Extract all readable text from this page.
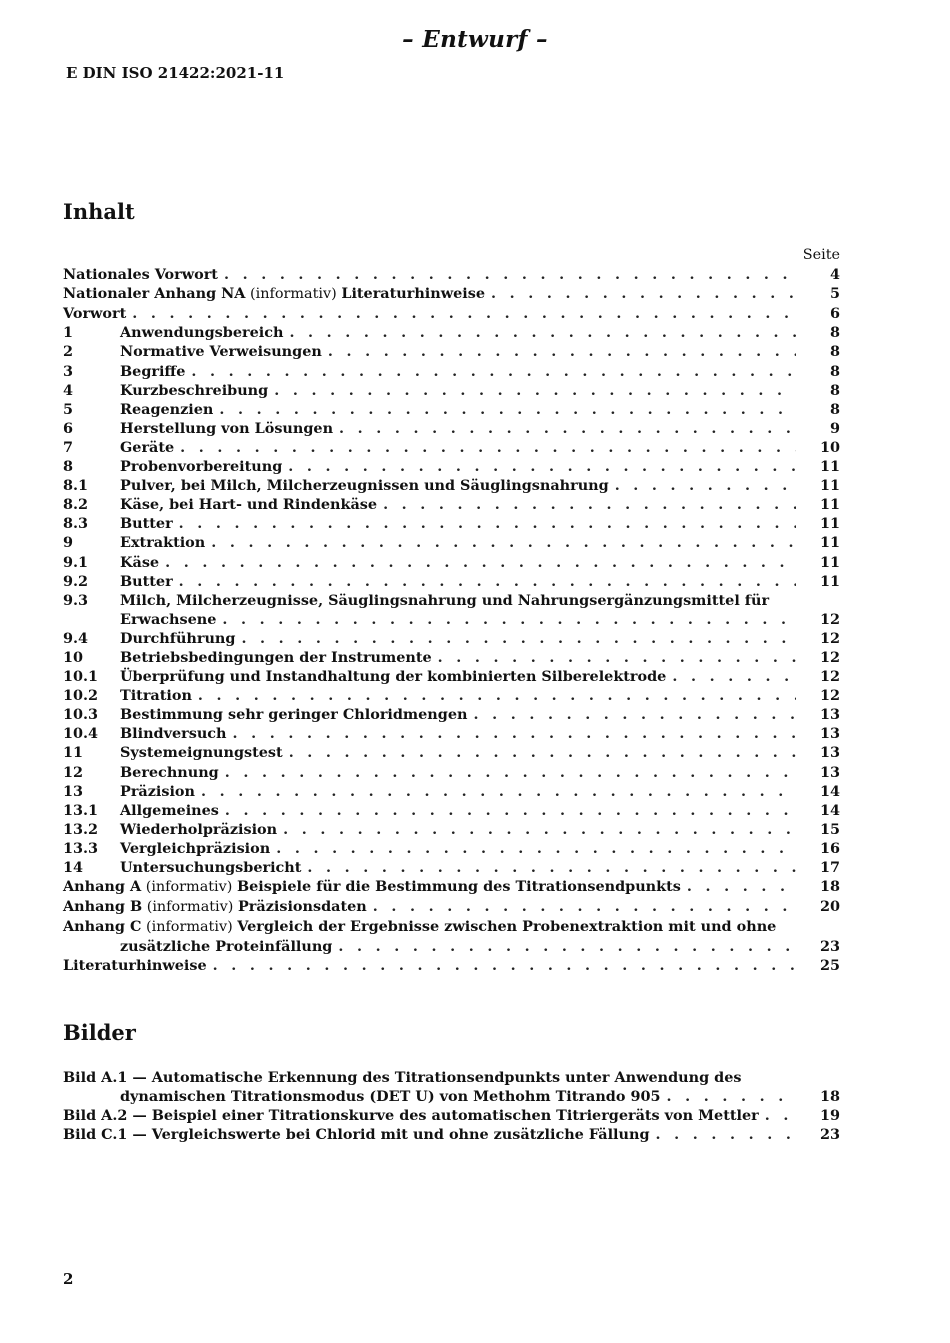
– Entwurf –
E DIN ISO 21422:2021-11
Inhalt
Seite
Nationales Vorwort . . .	4
Nationaler Anhang NA (informativ) Literaturhinweise . . .	5
Vorwort . . .	6
1	Anwendungsbereich . . .	8
2	Normative Verweisungen . . .	8
3	Begriffe . . .	8
4	Kurzbeschreibung . . .	8
5	Reagenzien . . .	8
6	Herstellung von Lösungen . . .	9
7	Geräte . . .	10
8	Probenvorbereitung . . .	11
8.1	Pulver, bei Milch, Milcherzeugnissen und Säuglingsnahrung . . .	11
8.2	Käse, bei Hart- und Rindenkäse . . .	11
8.3	Butter . . .	11
9	Extraktion . . .	11
9.1	Käse . . .	11
9.2	Butter . . .	11
9.3	Milch, Milcherzeugnisse, Säuglingsnahrung und Nahrungsergänzungsmittel für
Erwachsene . . .	12
9.4	Durchführung . . .	12
10	Betriebsbedingungen der Instrumente . . .	12
10.1	Überprüfung und Instandhaltung der kombinierten Silberelektrode . . .	12
10.2	Titration . . .	12
10.3	Bestimmung sehr geringer Chloridmengen . . .	13
10.4	Blindversuch . . .	13
11	Systemeignungstest . . .	13
12	Berechnung . . .	13
13	Präzision . . .	14
13.1	Allgemeines . . .	14
13.2	Wiederholpräzision . . .	15
13.3	Vergleichpräzision . . .	16
14	Untersuchungsbericht . . .	17
Anhang A (informativ) Beispiele für die Bestimmung des Titrationsendpunkts . . .	18
Anhang B (informativ) Präzisionsdaten . . .	20
Anhang C (informativ) Vergleich der Ergebnisse zwischen Probenextraktion mit und ohne
zusätzliche Proteinfällung . . .	23
Literaturhinweise . . .	25
Bilder
Bild A.1 — Automatische Erkennung des Titrationsendpunkts unter Anwendung des
dynamischen Titrationsmodus (DET U) von Methohm Titrando 905 . . .	18
Bild A.2 — Beispiel einer Titrationskurve des automatischen Titriergeräts von Mettler . . .	19
Bild C.1 — Vergleichswerte bei Chlorid mit und ohne zusätzliche Fällung . . .	23
2
